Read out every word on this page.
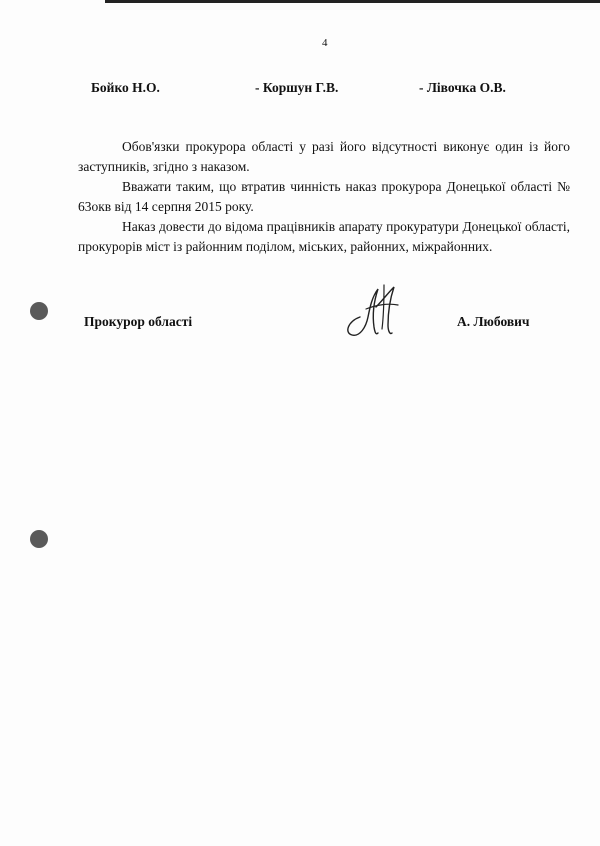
4
Бойко Н.О.	- Коршун Г.В.	- Лівочка О.В.

Обов'язки прокурора області у разі його відсутності виконує один із його заступників, згідно з наказом.

Вважати таким, що втратив чинність наказ прокурора Донецької області № 63окв від 14 серпня 2015 року.

Наказ довести до відома працівників апарату прокуратури Донецької області, прокурорів міст із районним поділом, міських, районних, міжрайонних.

Прокурор області	А. Любович
